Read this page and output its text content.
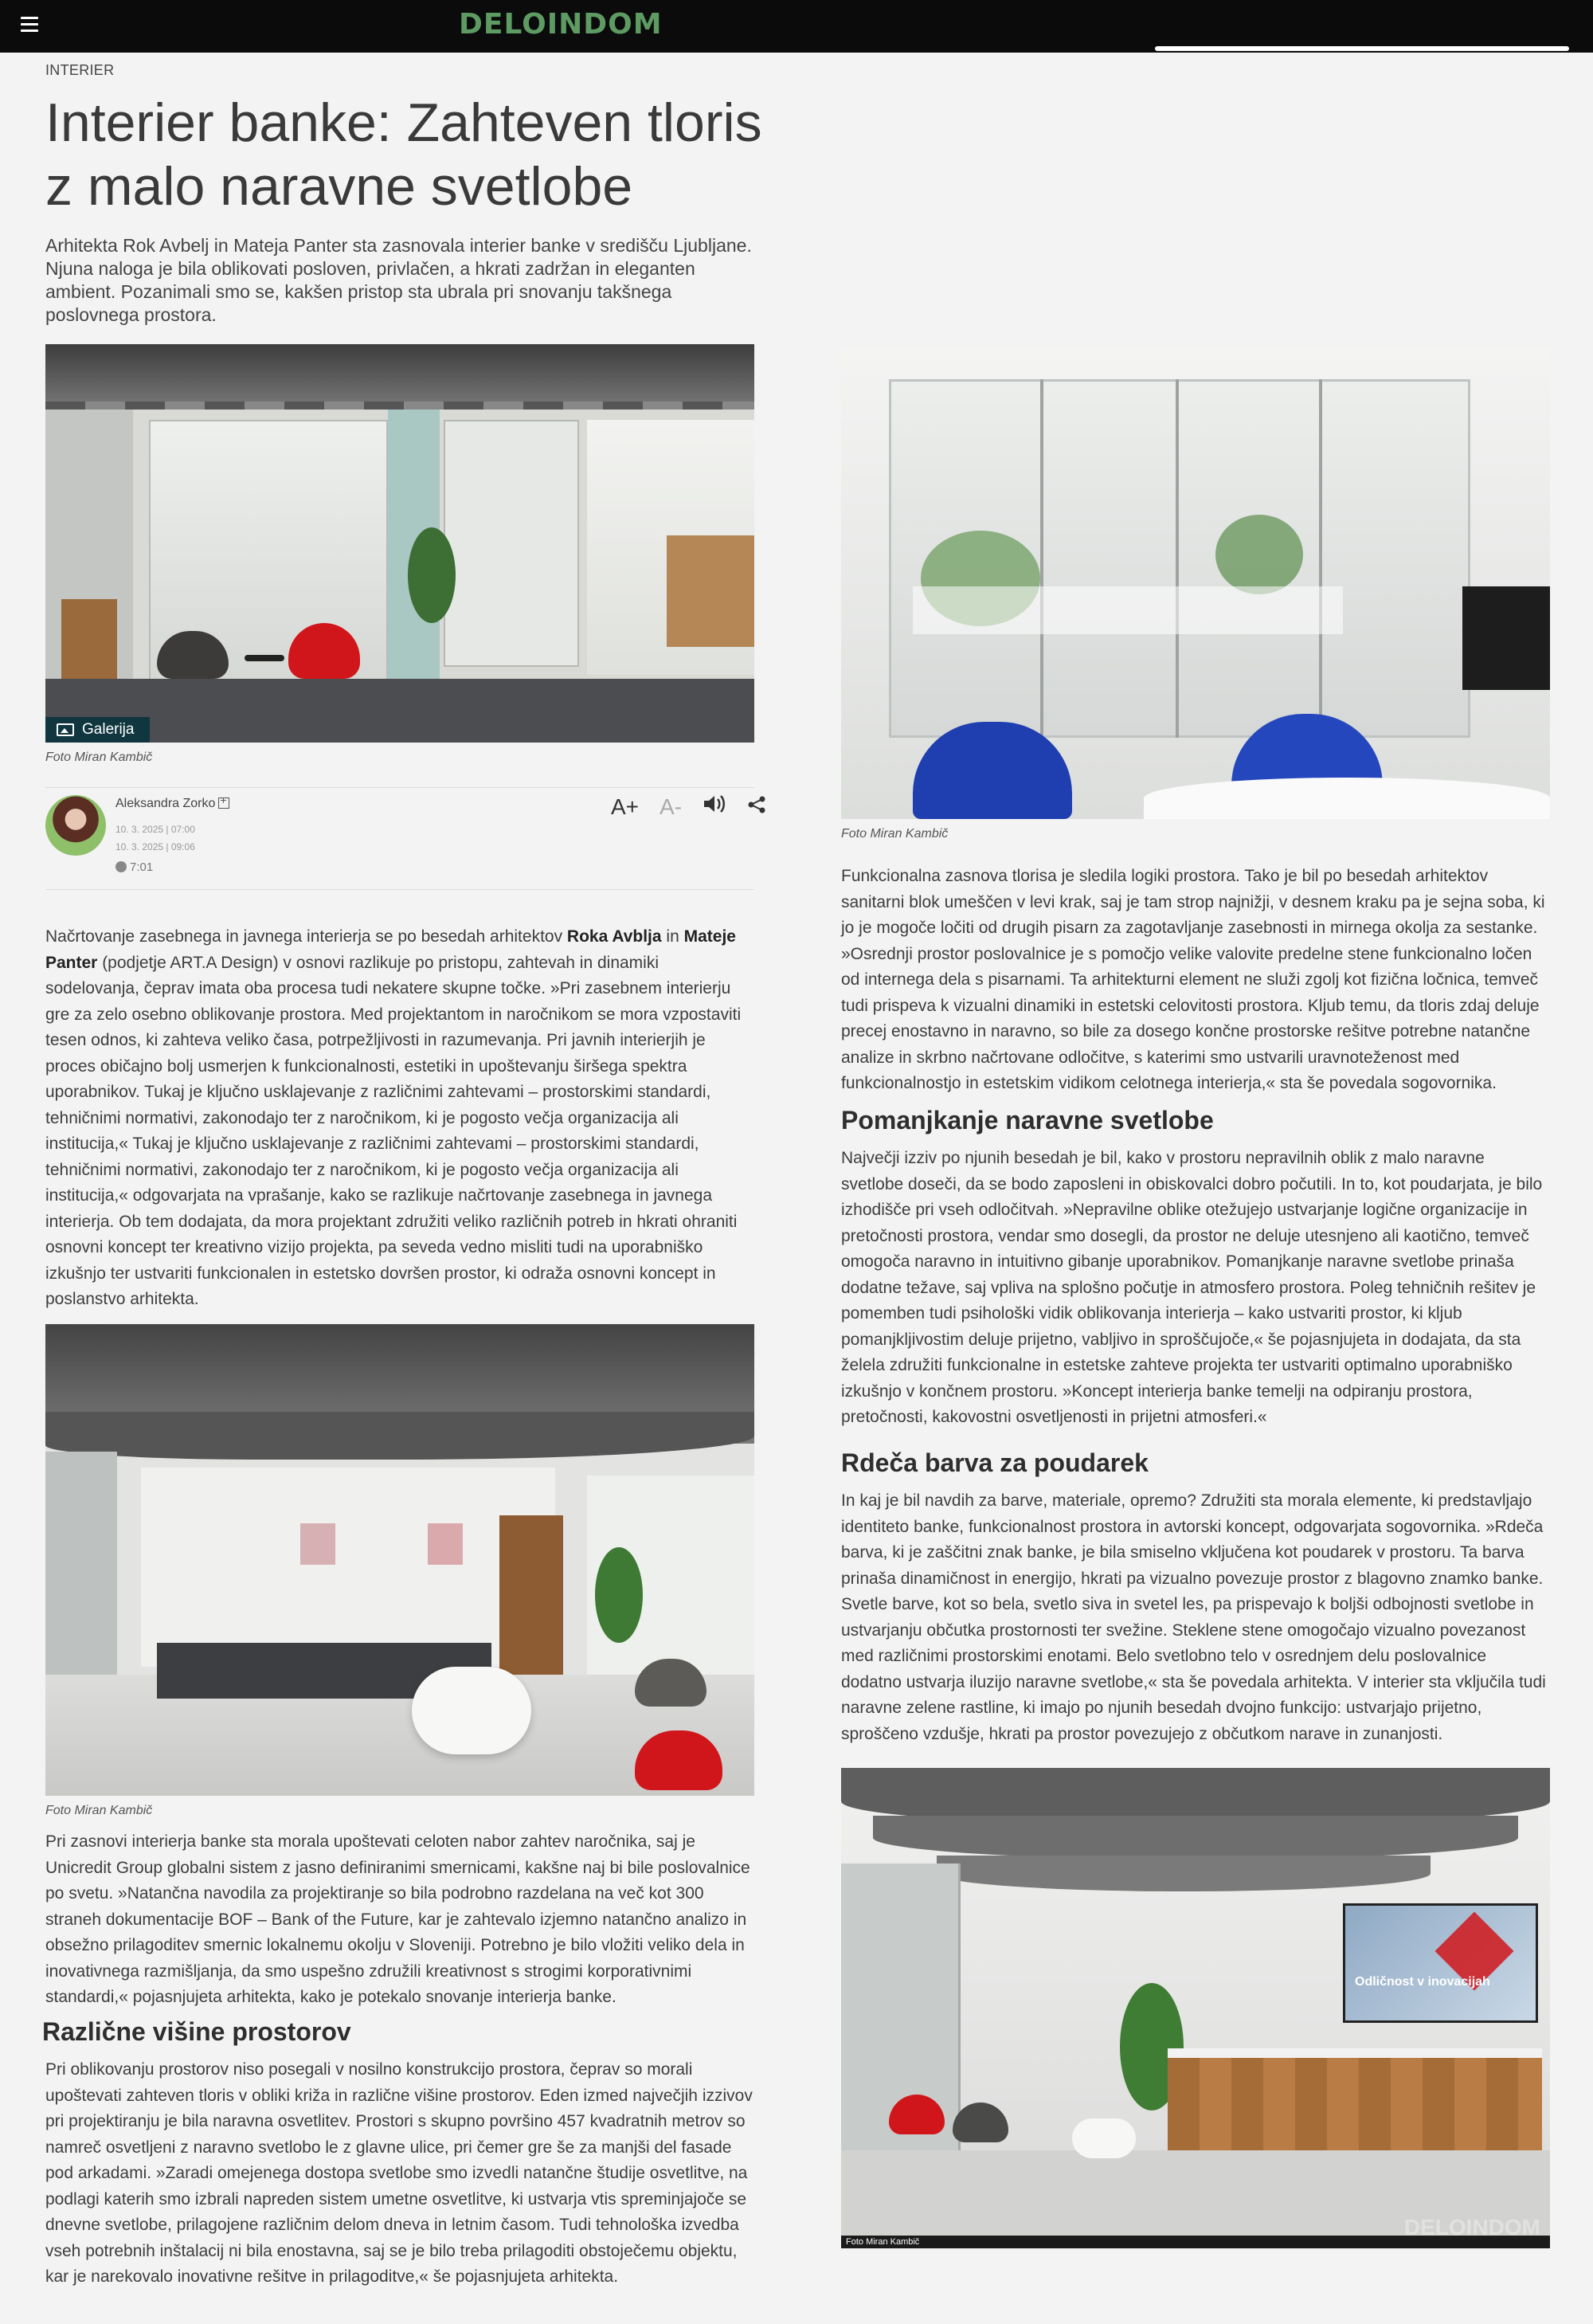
DELOINDOM
INTERIER
Interier banke: Zahteven tloris z malo naravne svetlobe

Arhitekta Rok Avbelj in Mateja Panter sta zasnovala interier banke v središču Ljubljane. Njuna naloga je bila oblikovati posloven, privlačen, a hkrati zadržan in eleganten ambient. Pozanimali smo se, kakšen pristop sta ubrala pri snovanju takšnega poslovnega prostora.

Galerija
Foto Miran Kambič
Aleksandra Zorko+
10. 3. 2025 | 07:00
10. 3. 2025 | 09:06
7:01
A+ A-

Načrtovanje zasebnega in javnega interierja se po besedah arhitektov Roka Avblja in Mateje Panter (podjetje ART.A Design) v osnovi razlikuje po pristopu, zahtevah in dinamiki sodelovanja, čeprav imata oba procesa tudi nekatere skupne točke. »Pri zasebnem interierju gre za zelo osebno oblikovanje prostora. Med projektantom in naročnikom se mora vzpostaviti tesen odnos, ki zahteva veliko časa, potrpežljivosti in razumevanja. Pri javnih interierjih je proces običajno bolj usmerjen k funkcionalnosti, estetiki in upoštevanju širšega spektra uporabnikov. Tukaj je ključno usklajevanje z različnimi zahtevami – prostorskimi standardi, tehničnimi normativi, zakonodajo ter z naročnikom, ki je pogosto večja organizacija ali institucija,« Tukaj je ključno usklajevanje z različnimi zahtevami – prostorskimi standardi, tehničnimi normativi, zakonodajo ter z naročnikom, ki je pogosto večja organizacija ali institucija,« odgovarjata na vprašanje, kako se razlikuje načrtovanje zasebnega in javnega interierja. Ob tem dodajata, da mora projektant združiti veliko različnih potreb in hkrati ohraniti osnovni koncept ter kreativno vizijo projekta, pa seveda vedno misliti tudi na uporabniško izkušnjo ter ustvariti funkcionalen in estetsko dovršen prostor, ki odraža osnovni koncept in poslanstvo arhitekta.

Foto Miran Kambič

Pri zasnovi interierja banke sta morala upoštevati celoten nabor zahtev naročnika, saj je Unicredit Group globalni sistem z jasno definiranimi smernicami, kakšne naj bi bile poslovalnice po svetu. »Natančna navodila za projektiranje so bila podrobno razdelana na več kot 300 straneh dokumentacije BOF – Bank of the Future, kar je zahtevalo izjemno natančno analizo in obsežno prilagoditev smernic lokalnemu okolju v Sloveniji. Potrebno je bilo vložiti veliko dela in inovativnega razmišljanja, da smo uspešno združili kreativnost s strogimi korporativnimi standardi,« pojasnjujeta arhitekta, kako je potekalo snovanje interierja banke.

Različne višine prostorov

Pri oblikovanju prostorov niso posegali v nosilno konstrukcijo prostora, čeprav so morali upoštevati zahteven tloris v obliki križa in različne višine prostorov. Eden izmed največjih izzivov pri projektiranju je bila naravna osvetlitev. Prostori s skupno površino 457 kvadratnih metrov so namreč osvetljeni z naravno svetlobo le z glavne ulice, pri čemer gre še za manjši del fasade pod arkadami. »Zaradi omejenega dostopa svetlobe smo izvedli natančne študije osvetlitve, na podlagi katerih smo izbrali napreden sistem umetne osvetlitve, ki ustvarja vtis spreminjajoče se dnevne svetlobe, prilagojene različnim delom dneva in letnim časom. Tudi tehnološka izvedba vseh potrebnih inštalacij ni bila enostavna, saj se je bilo treba prilagoditi obstoječemu objektu, kar je narekovalo inovativne rešitve in prilagoditve,« še pojasnjujeta arhitekta.

Foto Miran Kambič

Funkcionalna zasnova tlorisa je sledila logiki prostora. Tako je bil po besedah arhitektov sanitarni blok umeščen v levi krak, saj je tam strop najnižji, v desnem kraku pa je sejna soba, ki jo je mogoče ločiti od drugih pisarn za zagotavljanje zasebnosti in mirnega okolja za sestanke. »Osrednji prostor poslovalnice je s pomočjo velike valovite predelne stene funkcionalno ločen od internega dela s pisarnami. Ta arhitekturni element ne služi zgolj kot fizična ločnica, temveč tudi prispeva k vizualni dinamiki in estetski celovitosti prostora. Kljub temu, da tloris zdaj deluje precej enostavno in naravno, so bile za dosego končne prostorske rešitve potrebne natančne analize in skrbno načrtovane odločitve, s katerimi smo ustvarili uravnoteženost med funkcionalnostjo in estetskim vidikom celotnega interierja,« sta še povedala sogovornika.

Pomanjkanje naravne svetlobe

Največji izziv po njunih besedah je bil, kako v prostoru nepravilnih oblik z malo naravne svetlobe doseči, da se bodo zaposleni in obiskovalci dobro počutili. In to, kot poudarjata, je bilo izhodišče pri vseh odločitvah. »Nepravilne oblike otežujejo ustvarjanje logične organizacije in pretočnosti prostora, vendar smo dosegli, da prostor ne deluje utesnjeno ali kaotično, temveč omogoča naravno in intuitivno gibanje uporabnikov. Pomanjkanje naravne svetlobe prinaša dodatne težave, saj vpliva na splošno počutje in atmosfero prostora. Poleg tehničnih rešitev je pomemben tudi psihološki vidik oblikovanja interierja – kako ustvariti prostor, ki kljub pomanjkljivostim deluje prijetno, vabljivo in sproščujoče,« še pojasnjujeta in dodajata, da sta želela združiti funkcionalne in estetske zahteve projekta ter ustvariti optimalno uporabniško izkušnjo v končnem prostoru. »Koncept interierja banke temelji na odpiranju prostora, pretočnosti, kakovostni osvetljenosti in prijetni atmosferi.«

Rdeča barva za poudarek

In kaj je bil navdih za barve, materiale, opremo? Združiti sta morala elemente, ki predstavljajo identiteto banke, funkcionalnost prostora in avtorski koncept, odgovarjata sogovornika. »Rdeča barva, ki je zaščitni znak banke, je bila smiselno vključena kot poudarek v prostoru. Ta barva prinaša dinamičnost in energijo, hkrati pa vizualno povezuje prostor z blagovno znamko banke. Svetle barve, kot so bela, svetlo siva in svetel les, pa prispevajo k boljši odbojnosti svetlobe in ustvarjanju občutka prostornosti ter svežine. Steklene stene omogočajo vizualno povezanost med različnimi prostorskimi enotami. Belo svetlobno telo v osrednjem delu poslovalnice dodatno ustvarja iluzijo naravne svetlobe,« sta še povedala arhitekta. V interier sta vključila tudi naravne zelene rastline, ki imajo po njunih besedah dvojno funkcijo: ustvarjajo prijetno, sproščeno vzdušje, hkrati pa prostor povezujejo z občutkom narave in zunanjosti.

Odličnost v inovacijah
Foto Miran Kambič
DELOINDOM
